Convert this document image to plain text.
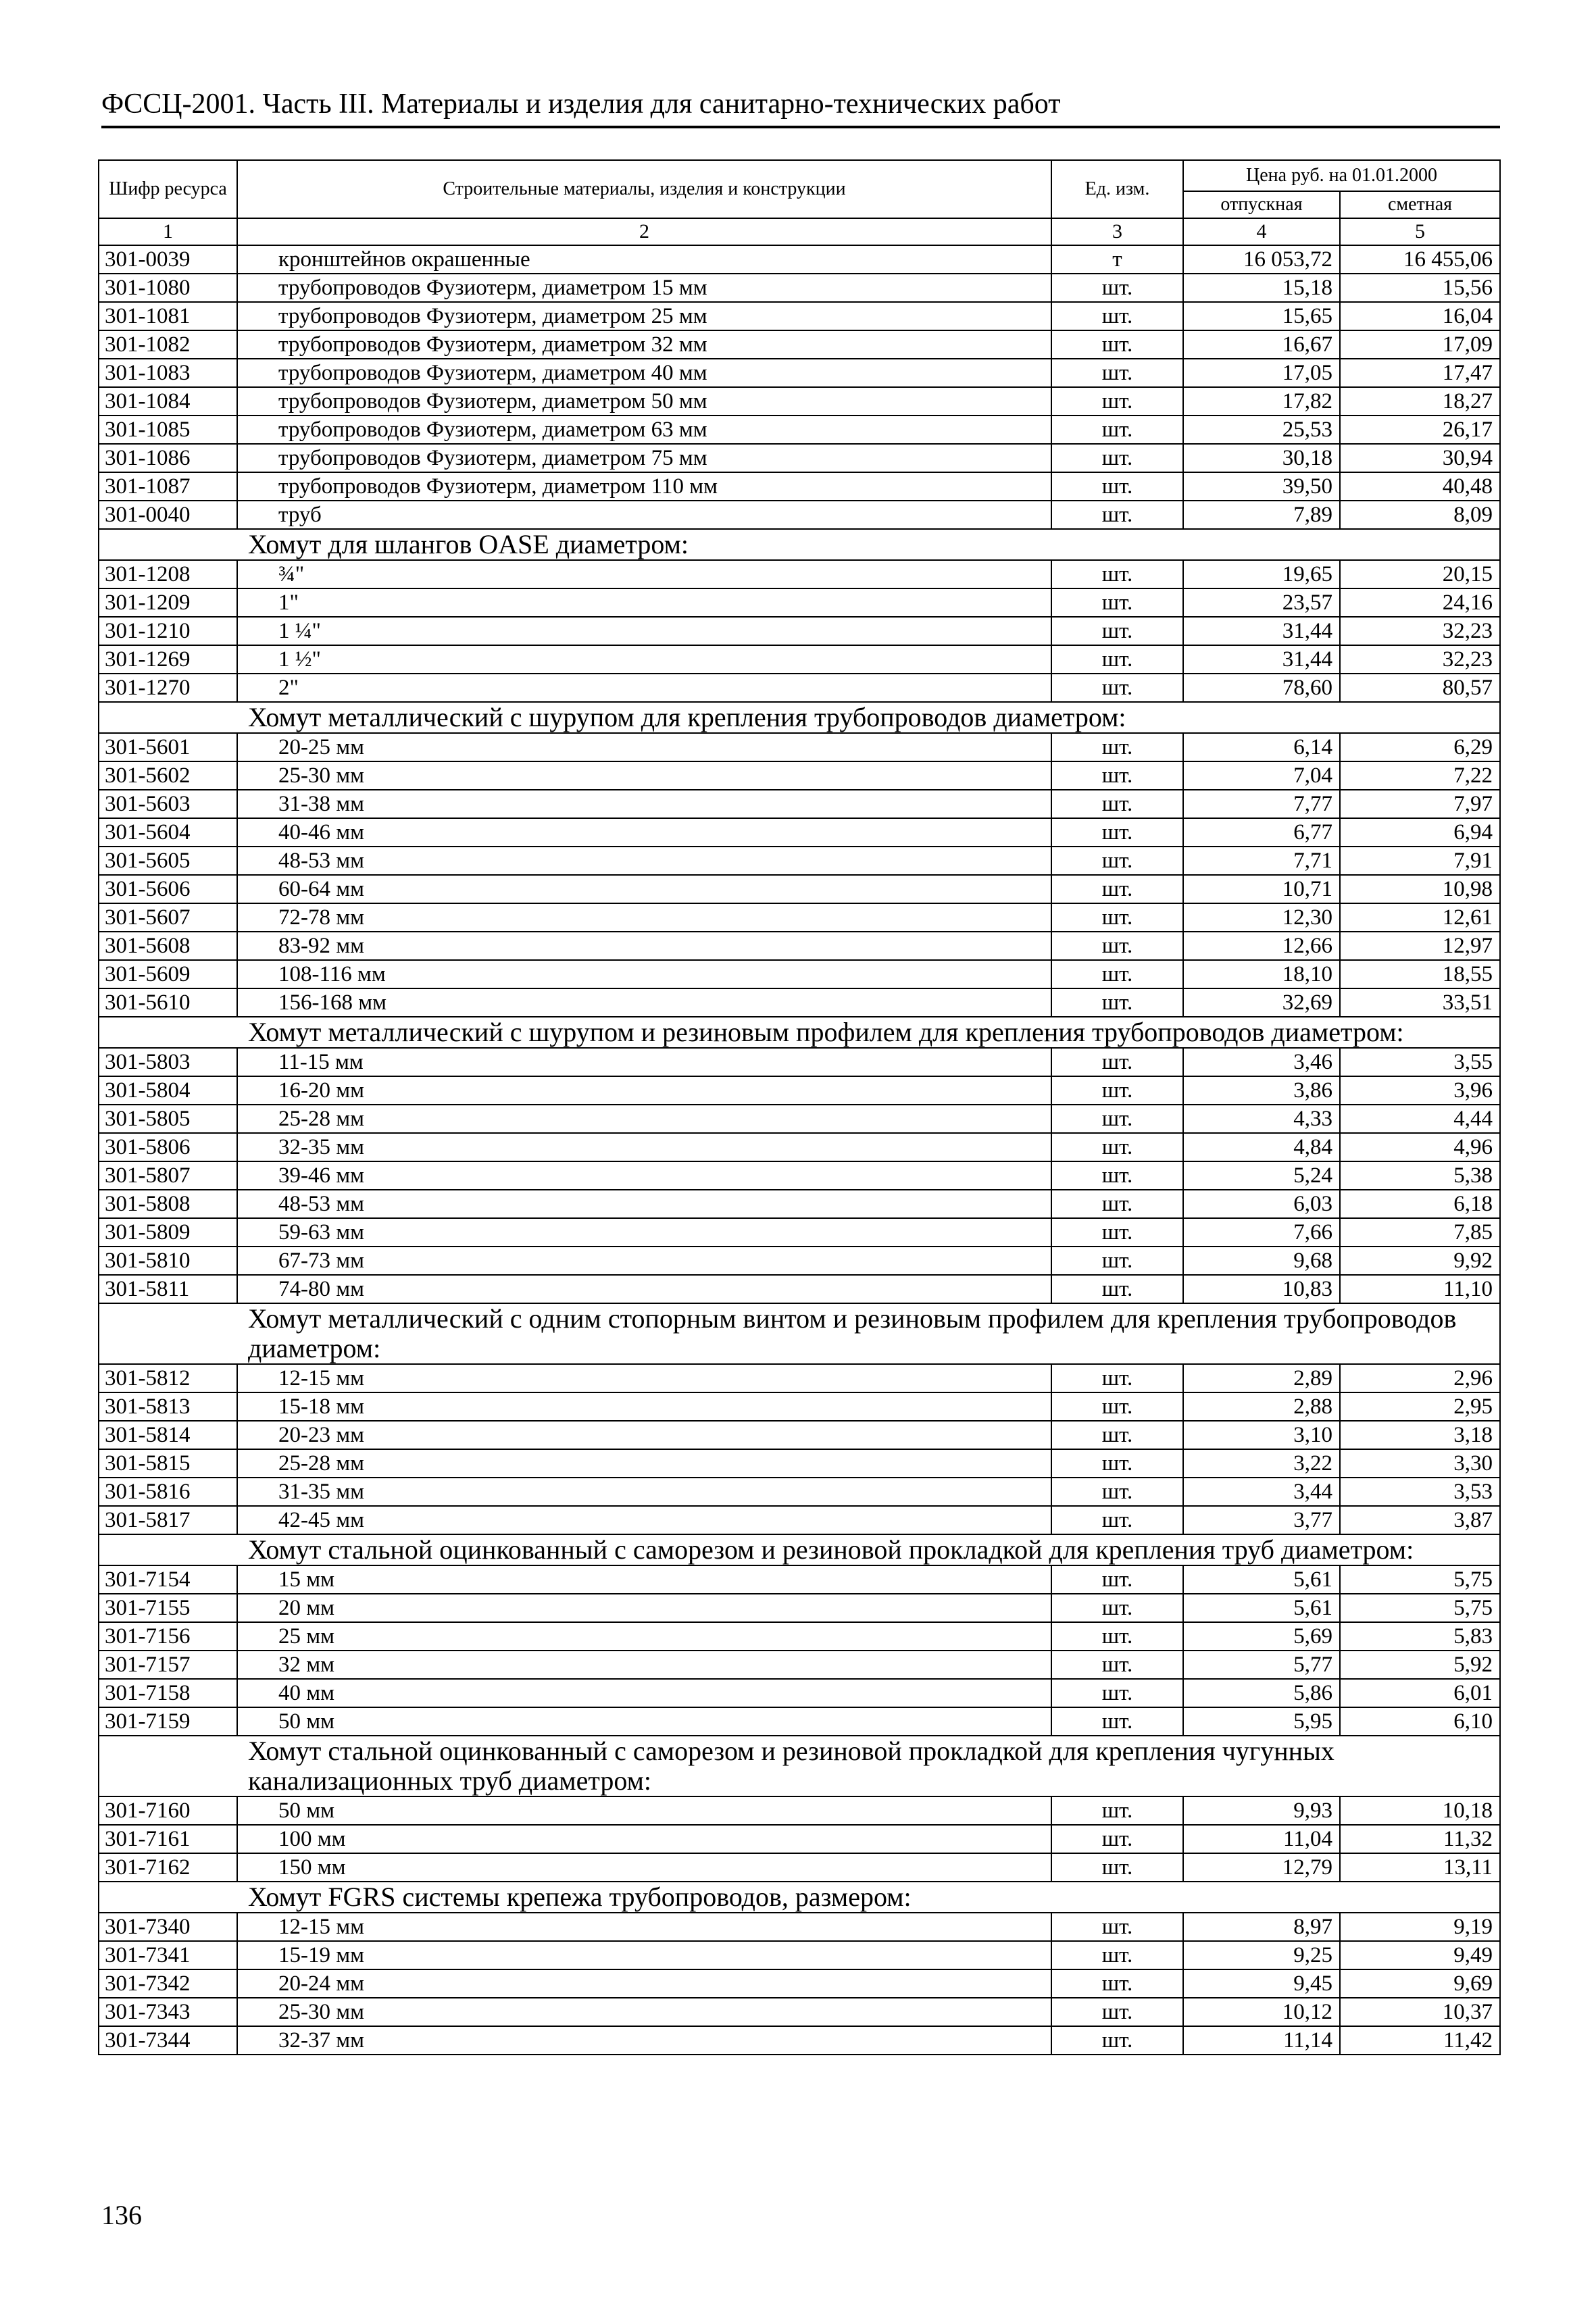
ФССЦ-2001. Часть III. Материалы и изделия для санитарно-технических работ
Шифр ресурса	Строительные материалы, изделия и конструкции	Ед. изм.	Цена руб. на 01.01.2000	
			отпускная	сметная
1	2	3	4	5
301-0039	кронштейнов окрашенные	т	16 053,72	16 455,06
301-1080	трубопроводов Фузиотерм, диаметром 15 мм	шт.	15,18	15,56
301-1081	трубопроводов Фузиотерм, диаметром 25 мм	шт.	15,65	16,04
301-1082	трубопроводов Фузиотерм, диаметром 32 мм	шт.	16,67	17,09
301-1083	трубопроводов Фузиотерм, диаметром 40 мм	шт.	17,05	17,47
301-1084	трубопроводов Фузиотерм, диаметром 50 мм	шт.	17,82	18,27
301-1085	трубопроводов Фузиотерм, диаметром 63 мм	шт.	25,53	26,17
301-1086	трубопроводов Фузиотерм, диаметром 75 мм	шт.	30,18	30,94
301-1087	трубопроводов Фузиотерм, диаметром 110 мм	шт.	39,50	40,48
301-0040	труб	шт.	7,89	8,09
Хомут для шлангов OASE диаметром:				
301-1208	¾"	шт.	19,65	20,15
301-1209	1"	шт.	23,57	24,16
301-1210	1 ¼"	шт.	31,44	32,23
301-1269	1 ½"	шт.	31,44	32,23
301-1270	2"	шт.	78,60	80,57
Хомут металлический с шурупом для крепления трубопроводов диаметром:				
301-5601	20-25 мм	шт.	6,14	6,29
301-5602	25-30 мм	шт.	7,04	7,22
301-5603	31-38 мм	шт.	7,77	7,97
301-5604	40-46 мм	шт.	6,77	6,94
301-5605	48-53 мм	шт.	7,71	7,91
301-5606	60-64 мм	шт.	10,71	10,98
301-5607	72-78 мм	шт.	12,30	12,61
301-5608	83-92 мм	шт.	12,66	12,97
301-5609	108-116 мм	шт.	18,10	18,55
301-5610	156-168 мм	шт.	32,69	33,51
Хомут металлический с шурупом и резиновым профилем для крепления трубопроводов диаметром:				
301-5803	11-15 мм	шт.	3,46	3,55
301-5804	16-20 мм	шт.	3,86	3,96
301-5805	25-28 мм	шт.	4,33	4,44
301-5806	32-35 мм	шт.	4,84	4,96
301-5807	39-46 мм	шт.	5,24	5,38
301-5808	48-53 мм	шт.	6,03	6,18
301-5809	59-63 мм	шт.	7,66	7,85
301-5810	67-73 мм	шт.	9,68	9,92
301-5811	74-80 мм	шт.	10,83	11,10
Хомут металлический с одним стопорным винтом и резиновым профилем для крепления трубопроводов диаметром:				
301-5812	12-15 мм	шт.	2,89	2,96
301-5813	15-18 мм	шт.	2,88	2,95
301-5814	20-23 мм	шт.	3,10	3,18
301-5815	25-28 мм	шт.	3,22	3,30
301-5816	31-35 мм	шт.	3,44	3,53
301-5817	42-45 мм	шт.	3,77	3,87
Хомут стальной оцинкованный с саморезом и резиновой прокладкой для крепления труб диаметром:				
301-7154	15 мм	шт.	5,61	5,75
301-7155	20 мм	шт.	5,61	5,75
301-7156	25 мм	шт.	5,69	5,83
301-7157	32 мм	шт.	5,77	5,92
301-7158	40 мм	шт.	5,86	6,01
301-7159	50 мм	шт.	5,95	6,10
Хомут стальной оцинкованный с саморезом и резиновой прокладкой для крепления чугунных канализационных труб диаметром:				
301-7160	50 мм	шт.	9,93	10,18
301-7161	100 мм	шт.	11,04	11,32
301-7162	150 мм	шт.	12,79	13,11
Хомут FGRS системы крепежа трубопроводов, размером:				
301-7340	12-15 мм	шт.	8,97	9,19
301-7341	15-19 мм	шт.	9,25	9,49
301-7342	20-24 мм	шт.	9,45	9,69
301-7343	25-30 мм	шт.	10,12	10,37
301-7344	32-37 мм	шт.	11,14	11,42
136
